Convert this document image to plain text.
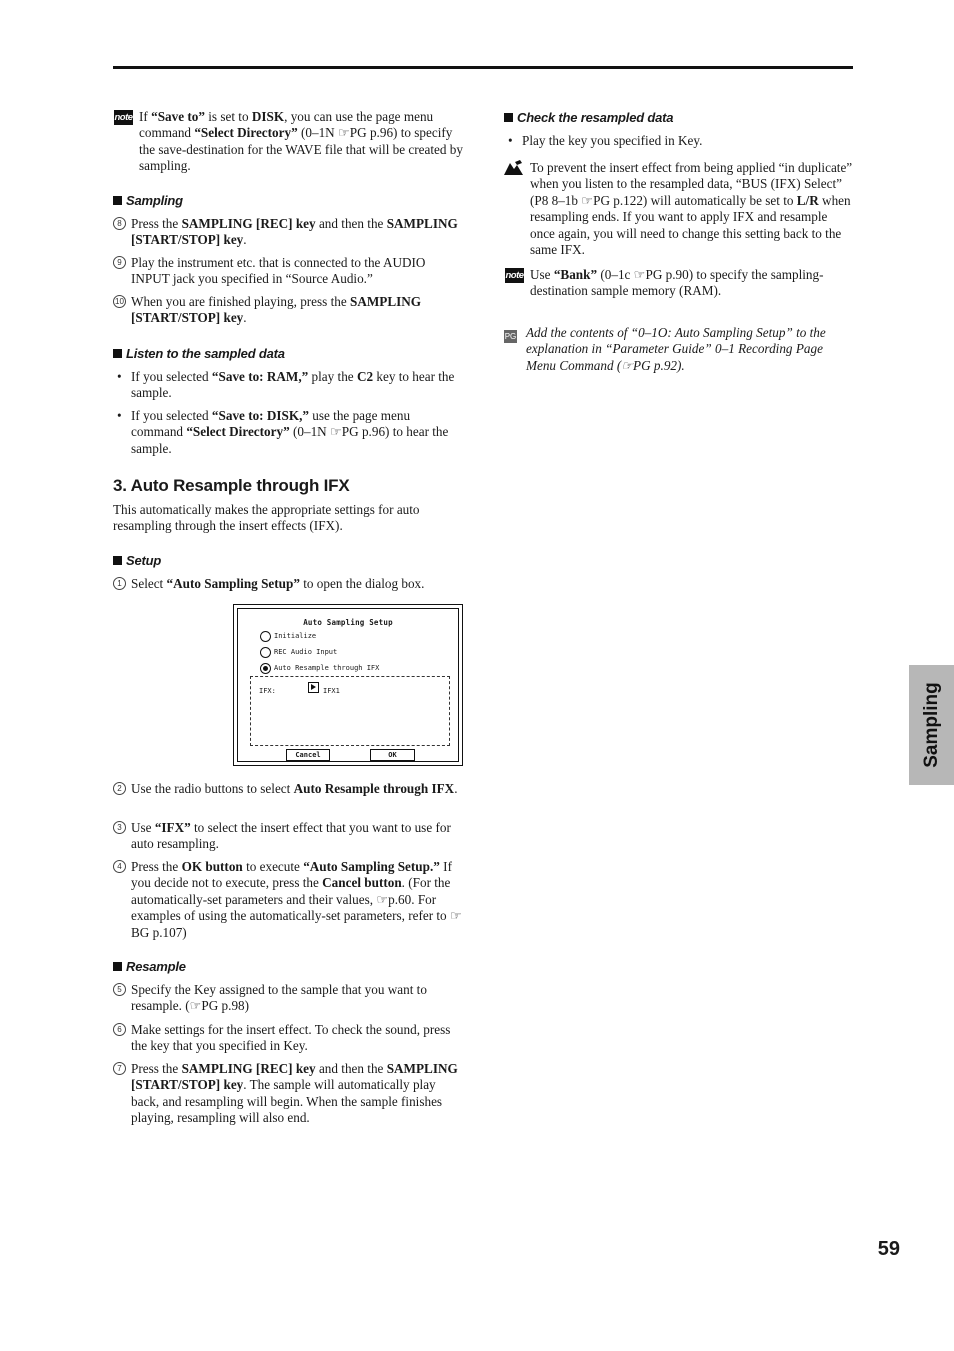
note If “Save to” is set to DISK, you can use the page menu command “Select Directory” (0–1N ☞PG p.96) to specify the save-destination for the WAVE file that will be created by sampling.
Sampling
8 Press the SAMPLING [REC] key and then the SAMPLING [START/STOP] key.
9 Play the instrument etc. that is connected to the AUDIO INPUT jack you specified in “Source Audio.”
10 When you are finished playing, press the SAMPLING [START/STOP] key.
Listen to the sampled data
• If you selected “Save to: RAM,” play the C2 key to hear the sample.
• If you selected “Save to: DISK,” use the page menu command “Select Directory” (0–1N ☞PG p.96) to hear the sample.
3. Auto Resample through IFX
This automatically makes the appropriate settings for auto resampling through the insert effects (IFX).
Setup
1 Select “Auto Sampling Setup” to open the dialog box.
Auto Sampling Setup
Initialize
REC Audio Input
Auto Resample through IFX
IFX:	IFX1
Cancel	OK
2 Use the radio buttons to select Auto Resample through IFX.
3 Use “IFX” to select the insert effect that you want to use for auto resampling.
4 Press the OK button to execute “Auto Sampling Setup.” If you decide not to execute, press the Cancel button. (For the automatically-set parameters and their values, ☞p.60. For examples of using the automatically-set parameters, refer to ☞BG p.107)
Resample
5 Specify the Key assigned to the sample that you want to resample. (☞PG p.98)
6 Make settings for the insert effect. To check the sound, press the key that you specified in Key.
7 Press the SAMPLING [REC] key and then the SAMPLING [START/STOP] key. The sample will automatically play back, and resampling will begin. When the sample finishes playing, resampling will also end.
Check the resampled data
• Play the key you specified in Key.
To prevent the insert effect from being applied “in duplicate” when you listen to the resampled data, “BUS (IFX) Select” (P8 8–1b ☞PG p.122) will automatically be set to L/R when resampling ends. If you want to apply IFX and resample once again, you will need to change this setting back to the same IFX.
note Use “Bank” (0–1c ☞PG p.90) to specify the sampling-destination sample memory (RAM).
PG Add the contents of “0–1O: Auto Sampling Setup” to the explanation in “Parameter Guide” 0–1 Recording Page Menu Command (☞PG p.92).
Sampling
59
